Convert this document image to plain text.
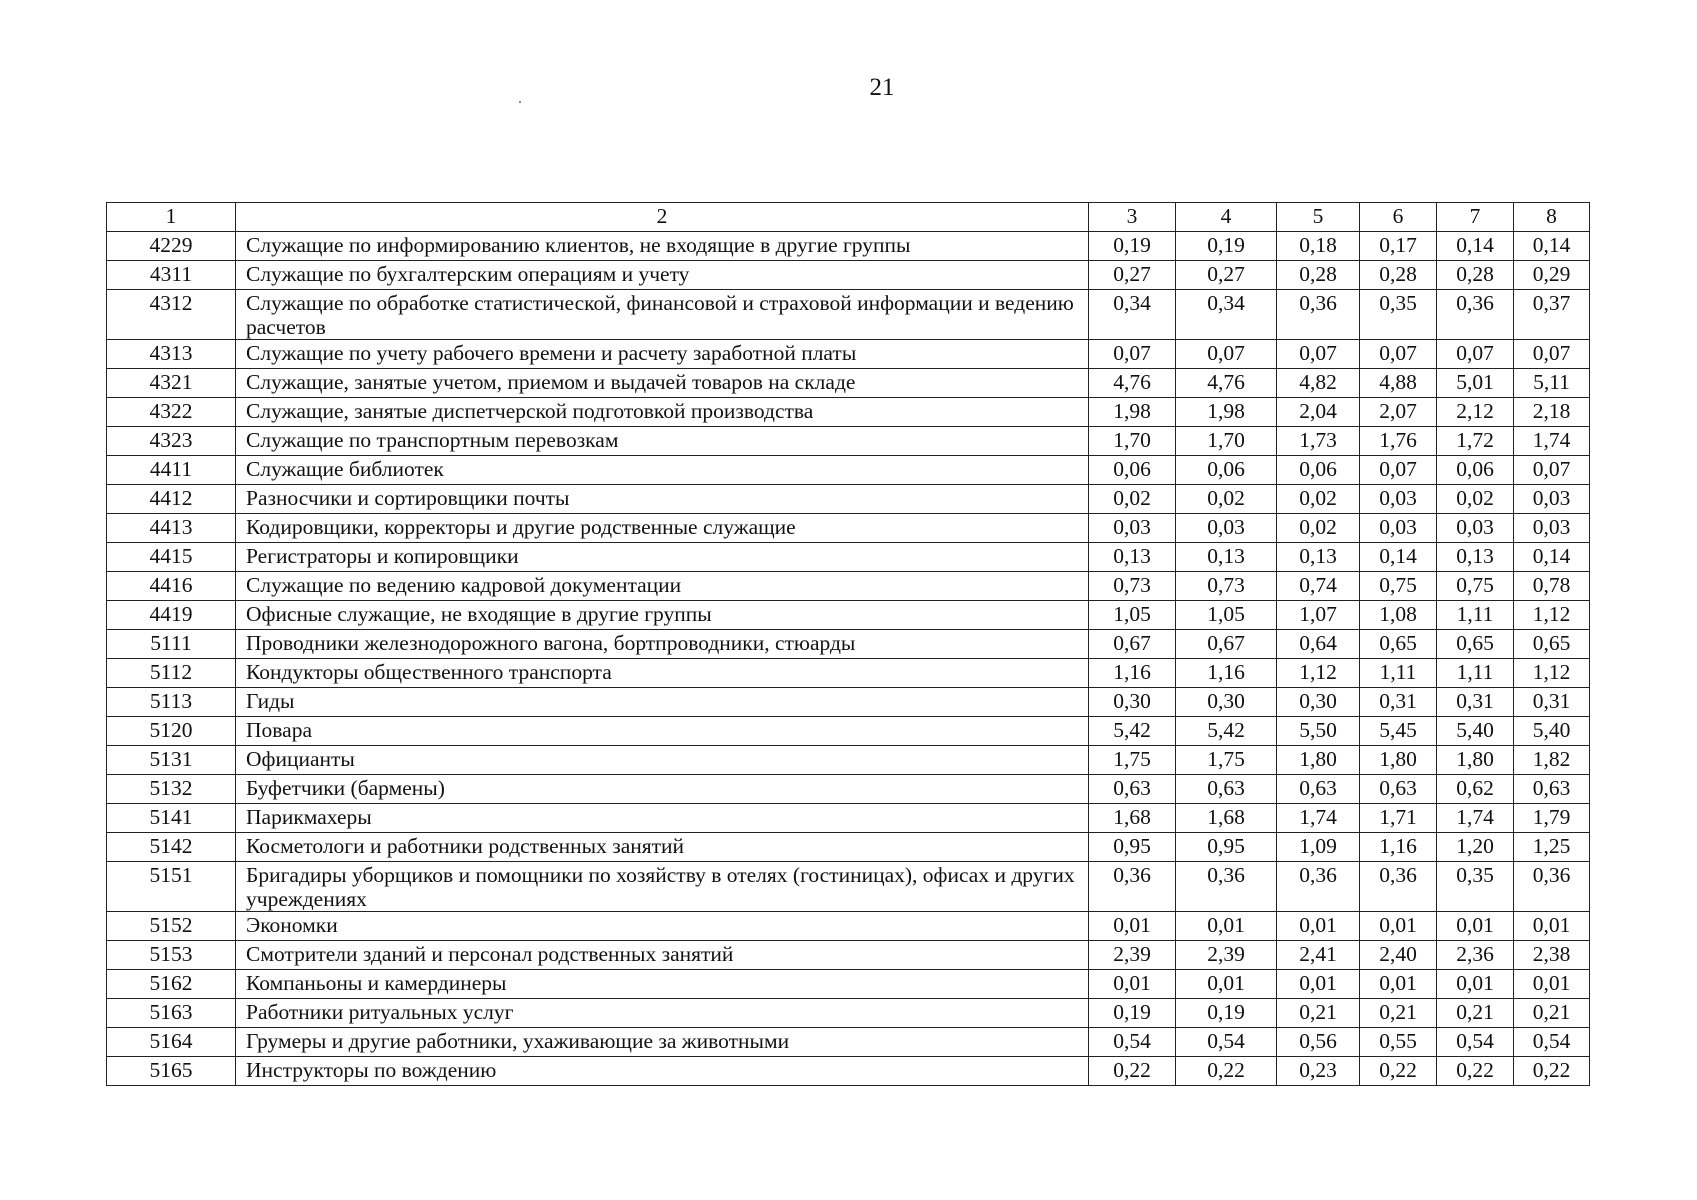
21
1	2	3	4	5	6	7	8
4229	Служащие по информированию клиентов, не входящие в другие группы	0,19	0,19	0,18	0,17	0,14	0,14
4311	Служащие по бухгалтерским операциям и учету	0,27	0,27	0,28	0,28	0,28	0,29
4312	Служащие по обработке статистической, финансовой и страховой информации и ведению расчетов	0,34	0,34	0,36	0,35	0,36	0,37
4313	Служащие по учету рабочего времени и расчету заработной платы	0,07	0,07	0,07	0,07	0,07	0,07
4321	Служащие, занятые учетом, приемом и выдачей товаров на складе	4,76	4,76	4,82	4,88	5,01	5,11
4322	Служащие, занятые диспетчерской подготовкой производства	1,98	1,98	2,04	2,07	2,12	2,18
4323	Служащие по транспортным перевозкам	1,70	1,70	1,73	1,76	1,72	1,74
4411	Служащие библиотек	0,06	0,06	0,06	0,07	0,06	0,07
4412	Разносчики и сортировщики почты	0,02	0,02	0,02	0,03	0,02	0,03
4413	Кодировщики, корректоры и другие родственные служащие	0,03	0,03	0,02	0,03	0,03	0,03
4415	Регистраторы и копировщики	0,13	0,13	0,13	0,14	0,13	0,14
4416	Служащие по ведению кадровой документации	0,73	0,73	0,74	0,75	0,75	0,78
4419	Офисные служащие, не входящие в другие группы	1,05	1,05	1,07	1,08	1,11	1,12
5111	Проводники железнодорожного вагона, бортпроводники, стюарды	0,67	0,67	0,64	0,65	0,65	0,65
5112	Кондукторы общественного транспорта	1,16	1,16	1,12	1,11	1,11	1,12
5113	Гиды	0,30	0,30	0,30	0,31	0,31	0,31
5120	Повара	5,42	5,42	5,50	5,45	5,40	5,40
5131	Официанты	1,75	1,75	1,80	1,80	1,80	1,82
5132	Буфетчики (бармены)	0,63	0,63	0,63	0,63	0,62	0,63
5141	Парикмахеры	1,68	1,68	1,74	1,71	1,74	1,79
5142	Косметологи и работники родственных занятий	0,95	0,95	1,09	1,16	1,20	1,25
5151	Бригадиры уборщиков и помощники по хозяйству в отелях (гостиницах), офисах и других учреждениях	0,36	0,36	0,36	0,36	0,35	0,36
5152	Экономки	0,01	0,01	0,01	0,01	0,01	0,01
5153	Смотрители зданий и персонал родственных занятий	2,39	2,39	2,41	2,40	2,36	2,38
5162	Компаньоны и камердинеры	0,01	0,01	0,01	0,01	0,01	0,01
5163	Работники ритуальных услуг	0,19	0,19	0,21	0,21	0,21	0,21
5164	Грумеры и другие работники, ухаживающие за животными	0,54	0,54	0,56	0,55	0,54	0,54
5165	Инструкторы по вождению	0,22	0,22	0,23	0,22	0,22	0,22
